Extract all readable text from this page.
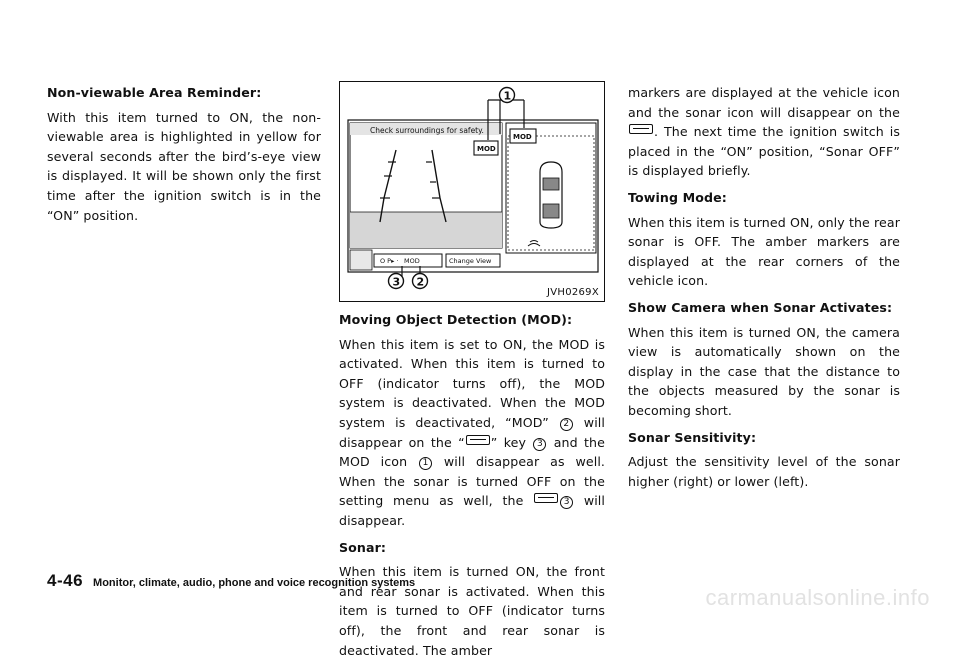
Non-viewable Area Reminder:

With this item turned to ON, the non-viewable area is highlighted in yellow for several seconds after the bird’s-eye view is displayed. It will be shown only the first time after the ignition switch is in the “ON” position.

Check surroundings for safety.
MOD
MOD
O P▸ · MOD	Change View
1
3 2
JVH0269X

Moving Object Detection (MOD):

When this item is set to ON, the MOD is activated. When this item is turned to OFF (indicator turns off), the MOD system is deactivated. When the MOD system is deactivated, “MOD” 2 will disappear on the “ ” key 3 and the MOD icon 1 will disappear as well. When the sonar is turned OFF on the setting menu as well, the	3 will disappear.

Sonar:

When this item is turned ON, the front and rear sonar is activated. When this item is turned to OFF (indicator turns off), the front and rear sonar is deactivated. The amber

markers are displayed at the vehicle icon and the sonar icon will disappear on the . The next time the ignition switch is placed in the “ON” position, “Sonar OFF” is displayed briefly.

Towing Mode:

When this item is turned ON, only the rear sonar is OFF. The amber markers are displayed at the rear corners of the vehicle icon.

Show Camera when Sonar Activates:

When this item is turned ON, the camera view is automatically shown on the display in the case that the distance to the objects measured by the sonar is becoming short.

Sonar Sensitivity:

Adjust the sensitivity level of the sonar higher (right) or lower (left).

4-46 Monitor, climate, audio, phone and voice recognition systems
carmanualsonline.info
